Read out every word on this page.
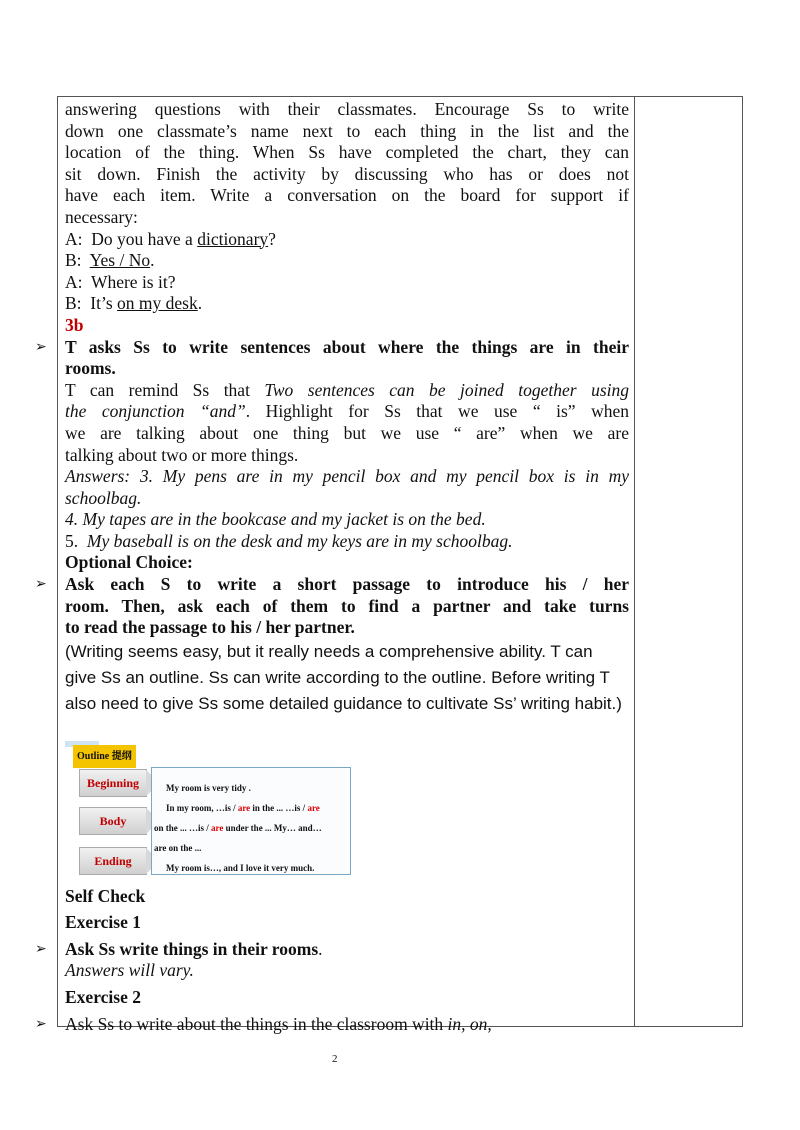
answering questions with their classmates. Encourage Ss to write

down one classmate’s name next to each thing in the list and the

location of the thing. When Ss have completed the chart, they can

sit down. Finish the activity by discussing who has or does not

have each item. Write a conversation on the board for support if

necessary:

A: Do you have a dictionary?

B: Yes / No.

A: Where is it?

B: It’s on my desk.

3b

➢ T asks Ss to write sentences about where the things are in their

rooms.

T can remind Ss that Two sentences can be joined together using

the conjunction “and”. Highlight for Ss that we use “ is” when

we are talking about one thing but we use “ are” when we are

talking about two or more things.

Answers: 3. My pens are in my pencil box and my pencil box is in my

schoolbag.

4. My tapes are in the bookcase and my jacket is on the bed.

5. My baseball is on the desk and my keys are in my schoolbag.

Optional Choice:

➢ Ask each S to write a short passage to introduce his / her

room. Then, ask each of them to find a partner and take turns

to read the passage to his / her partner.

(Writing seems easy, but it really needs a comprehensive ability. T can

give Ss an outline. Ss can write according to the outline. Before writing T

also need to give Ss some detailed guidance to cultivate Ss’ writing habit.)

Outline 提纲
Beginning
Body
Ending
My room is very tidy .
In my room, …is / are in the ... …is / are
on the ... …is / are under the ... My… and…
are on the ...
My room is…, and I love it very much.

Self Check

Exercise 1

➢ Ask Ss write things in their rooms.

Answers will vary.

Exercise 2

➢ Ask Ss to write about the things in the classroom with in, on,

2
